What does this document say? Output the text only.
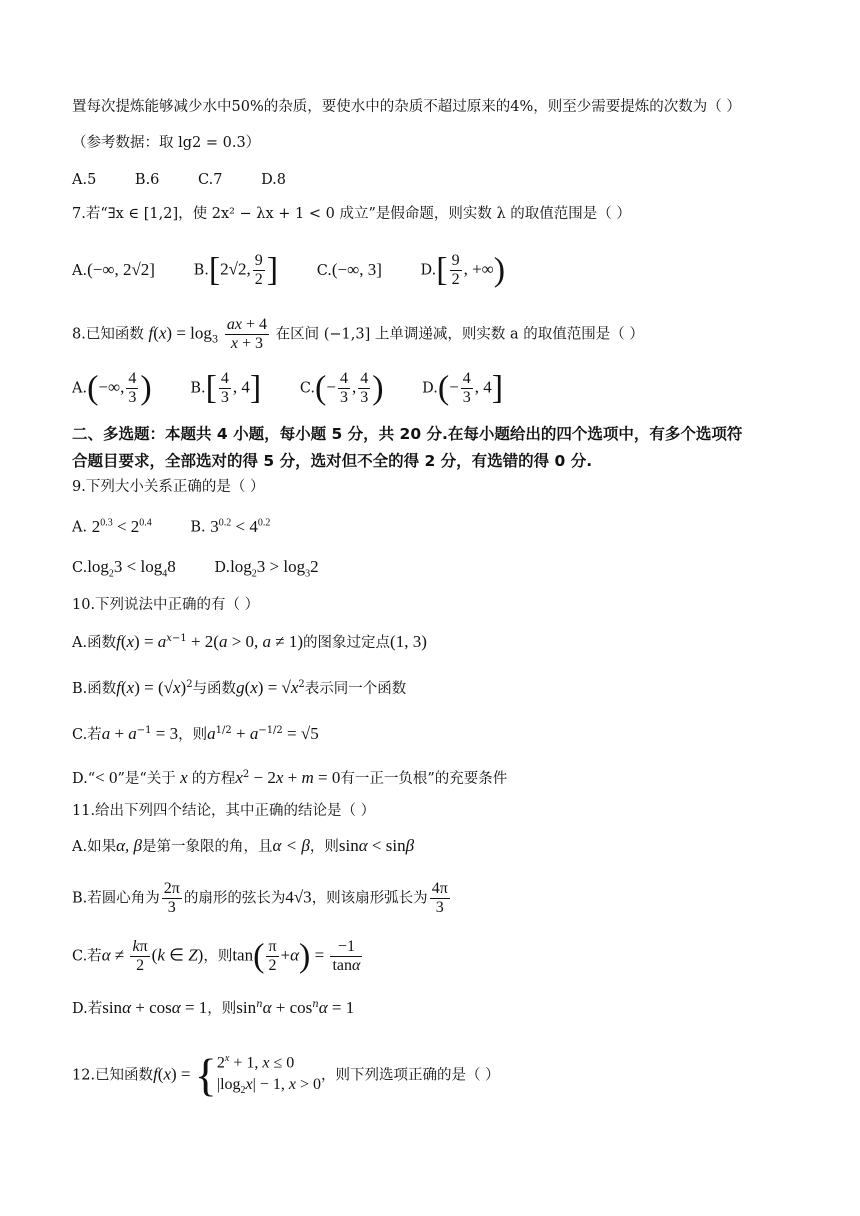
置每次提炼能够减少水中50%的杂质，要使水中的杂质不超过原来的4%，则至少需要提炼的次数为（ ）
（参考数据：取 lg2 = 0.3）
A.5	B.6	C.7	D.8
7.若“∃x ∈ [1,2]，使 2x² − λx + 1 < 0 成立”是假命题，则实数 λ 的取值范围是（ ）
A.(−∞, 2√2]	B.[2√2, $\frac{9}{2}$ ]	C.(−∞, 3]	$D.[ \frac{9}{2}$ , +∞)
8.已知函数 $f(x) = \log_3 \frac{ax + 4}{x + 3}$ 在区间 (−1,3] 上单调递减，则实数 a 的取值范围是（ ）
A.(−∞, $\frac{4}{3}$ )	$B.[ \frac{4}{3}$ , 4]	$C.(- \frac{4}{3}$ , $\frac{4}{3}$ )	$D.(- \frac{4}{3}$ , 4]
二、多选题：本题共 4 小题，每小题 5 分，共 20 分.在每小题给出的四个选项中，有多个选项符
合题目要求，全部选对的得 5 分，选对但不全的得 2 分，有选错的得 0 分.
9.下列大小关系正确的是（ ）
A. $2^{0.3} < 2^{0.4}$	B. $3^{0.2} < 4^{0.2}$
$C.\log_23 < \log_48$	$D.\log_23 > \log_32$
10.下列说法中正确的有（ ）
A.函数$f(x) = a^{x-1} + 2(a > 0$, a ≠ 1)的图象过定点(1, 3)
B.函数$f(x) = (√x)^2$与函数$g(x) = √x^2$表示同一个函数
C.若$a + a^{-1} = 3$，则$a^{1/2} + a^{-1/2} = √5$
D.“< 0”是“关于 x 的方程$x^2 - 2x + m = 0$有一正一负根”的充要条件
11.给出下列四个结论，其中正确的结论是（ ）
A.如果α, β是第一象限的角，且α < β，则sinα < sinβ
B.若圆心角为 $\frac{2\pi}{3}$ 的扇形的弦长为4√3，则该扇形弧长为 $\frac{4\pi}{3}$
C.若$\alpha \ne \frac{k\pi}{2} (k$ ∈ Z)，则$\tan( \frac{\pi}{2} +\alpha) = \frac{-1}{\tan\alpha}$
D.若sinα + cosα = 1，则$\sin^n\alpha + \cos^n\alpha = 1$
12.已知函数f(x) = { $2^x + 1$, x ≤ 0
$|\log_2x| - 1$, x > 0
，则下列选项正确的是（ ）
